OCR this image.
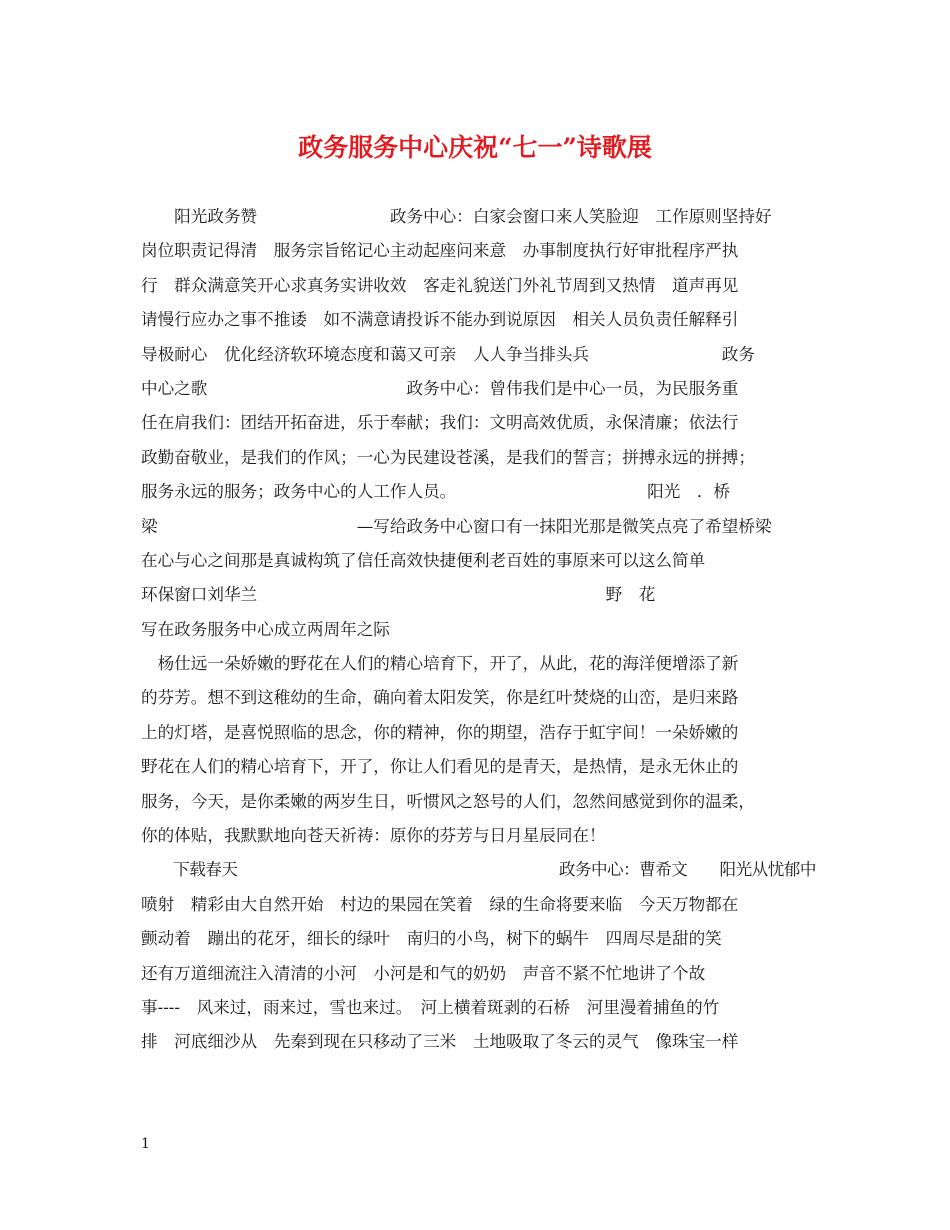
政务服务中心庆祝“七一”诗歌展
　　阳光政务赞　　　　　　　　政务中心：白家会窗口来人笑脸迎　工作原则坚持好
岗位职责记得清　服务宗旨铭记心主动起座问来意　办事制度执行好审批程序严执
行　群众满意笑开心求真务实讲收效　客走礼貌送门外礼节周到又热情　道声再见
请慢行应办之事不推诿　如不满意请投诉不能办到说原因　相关人员负责任解释引
导极耐心　优化经济软环境态度和蔼又可亲　人人争当排头兵　　　　　　　　政务
中心之歌　　　　　　　　　　　　政务中心：曾伟我们是中心一员，为民服务重
任在肩我们：团结开拓奋进，乐于奉献；我们：文明高效优质，永保清廉；依法行
政勤奋敬业，是我们的作风；一心为民建设苍溪，是我们的誓言；拼搏永远的拼搏；
服务永远的服务；政务中心的人工作人员。　　　　　　　　　　　　阳光　．桥
梁　　　　　　　　　　　　—写给政务中心窗口有一抹阳光那是微笑点亮了希望桥梁
在心与心之间那是真诚构筑了信任高效快捷便利老百姓的事原来可以这么简单
环保窗口刘华兰　　　　　　　　　　　　　　　　　　　　　野　花
写在政务服务中心成立两周年之际
　杨仕远一朵娇嫩的野花在人们的精心培育下，开了，从此，花的海洋便增添了新
的芬芳。想不到这稚幼的生命，确向着太阳发笑，你是红叶焚烧的山峦，是归来路
上的灯塔，是喜悦照临的思念，你的精神，你的期望，浩存于虹宇间！一朵娇嫩的
野花在人们的精心培育下，开了，你让人们看见的是青天，是热情，是永无休止的
服务，今天，是你柔嫩的两岁生日，听惯风之怒号的人们，忽然间感觉到你的温柔，
你的体贴，我默默地向苍天祈祷：原你的芬芳与日月星辰同在！
　　下载春天　　　　　　　　　　　　　　　　　　　　政务中心：曹希文　　阳光从忧郁中
喷射　精彩由大自然开始　村边的果园在笑着　绿的生命将要来临　今天万物都在
颤动着　蹦出的花牙，细长的绿叶　南归的小鸟，树下的蜗牛　四周尽是甜的笑
还有万道细流注入清清的小河　小河是和气的奶奶　声音不紧不忙地讲了个故
事----　风来过，雨来过，雪也来过。　河上横着斑剥的石桥　河里漫着捕鱼的竹
排　河底细沙从　先秦到现在只移动了三米　土地吸取了冬云的灵气　像珠宝一样
1
